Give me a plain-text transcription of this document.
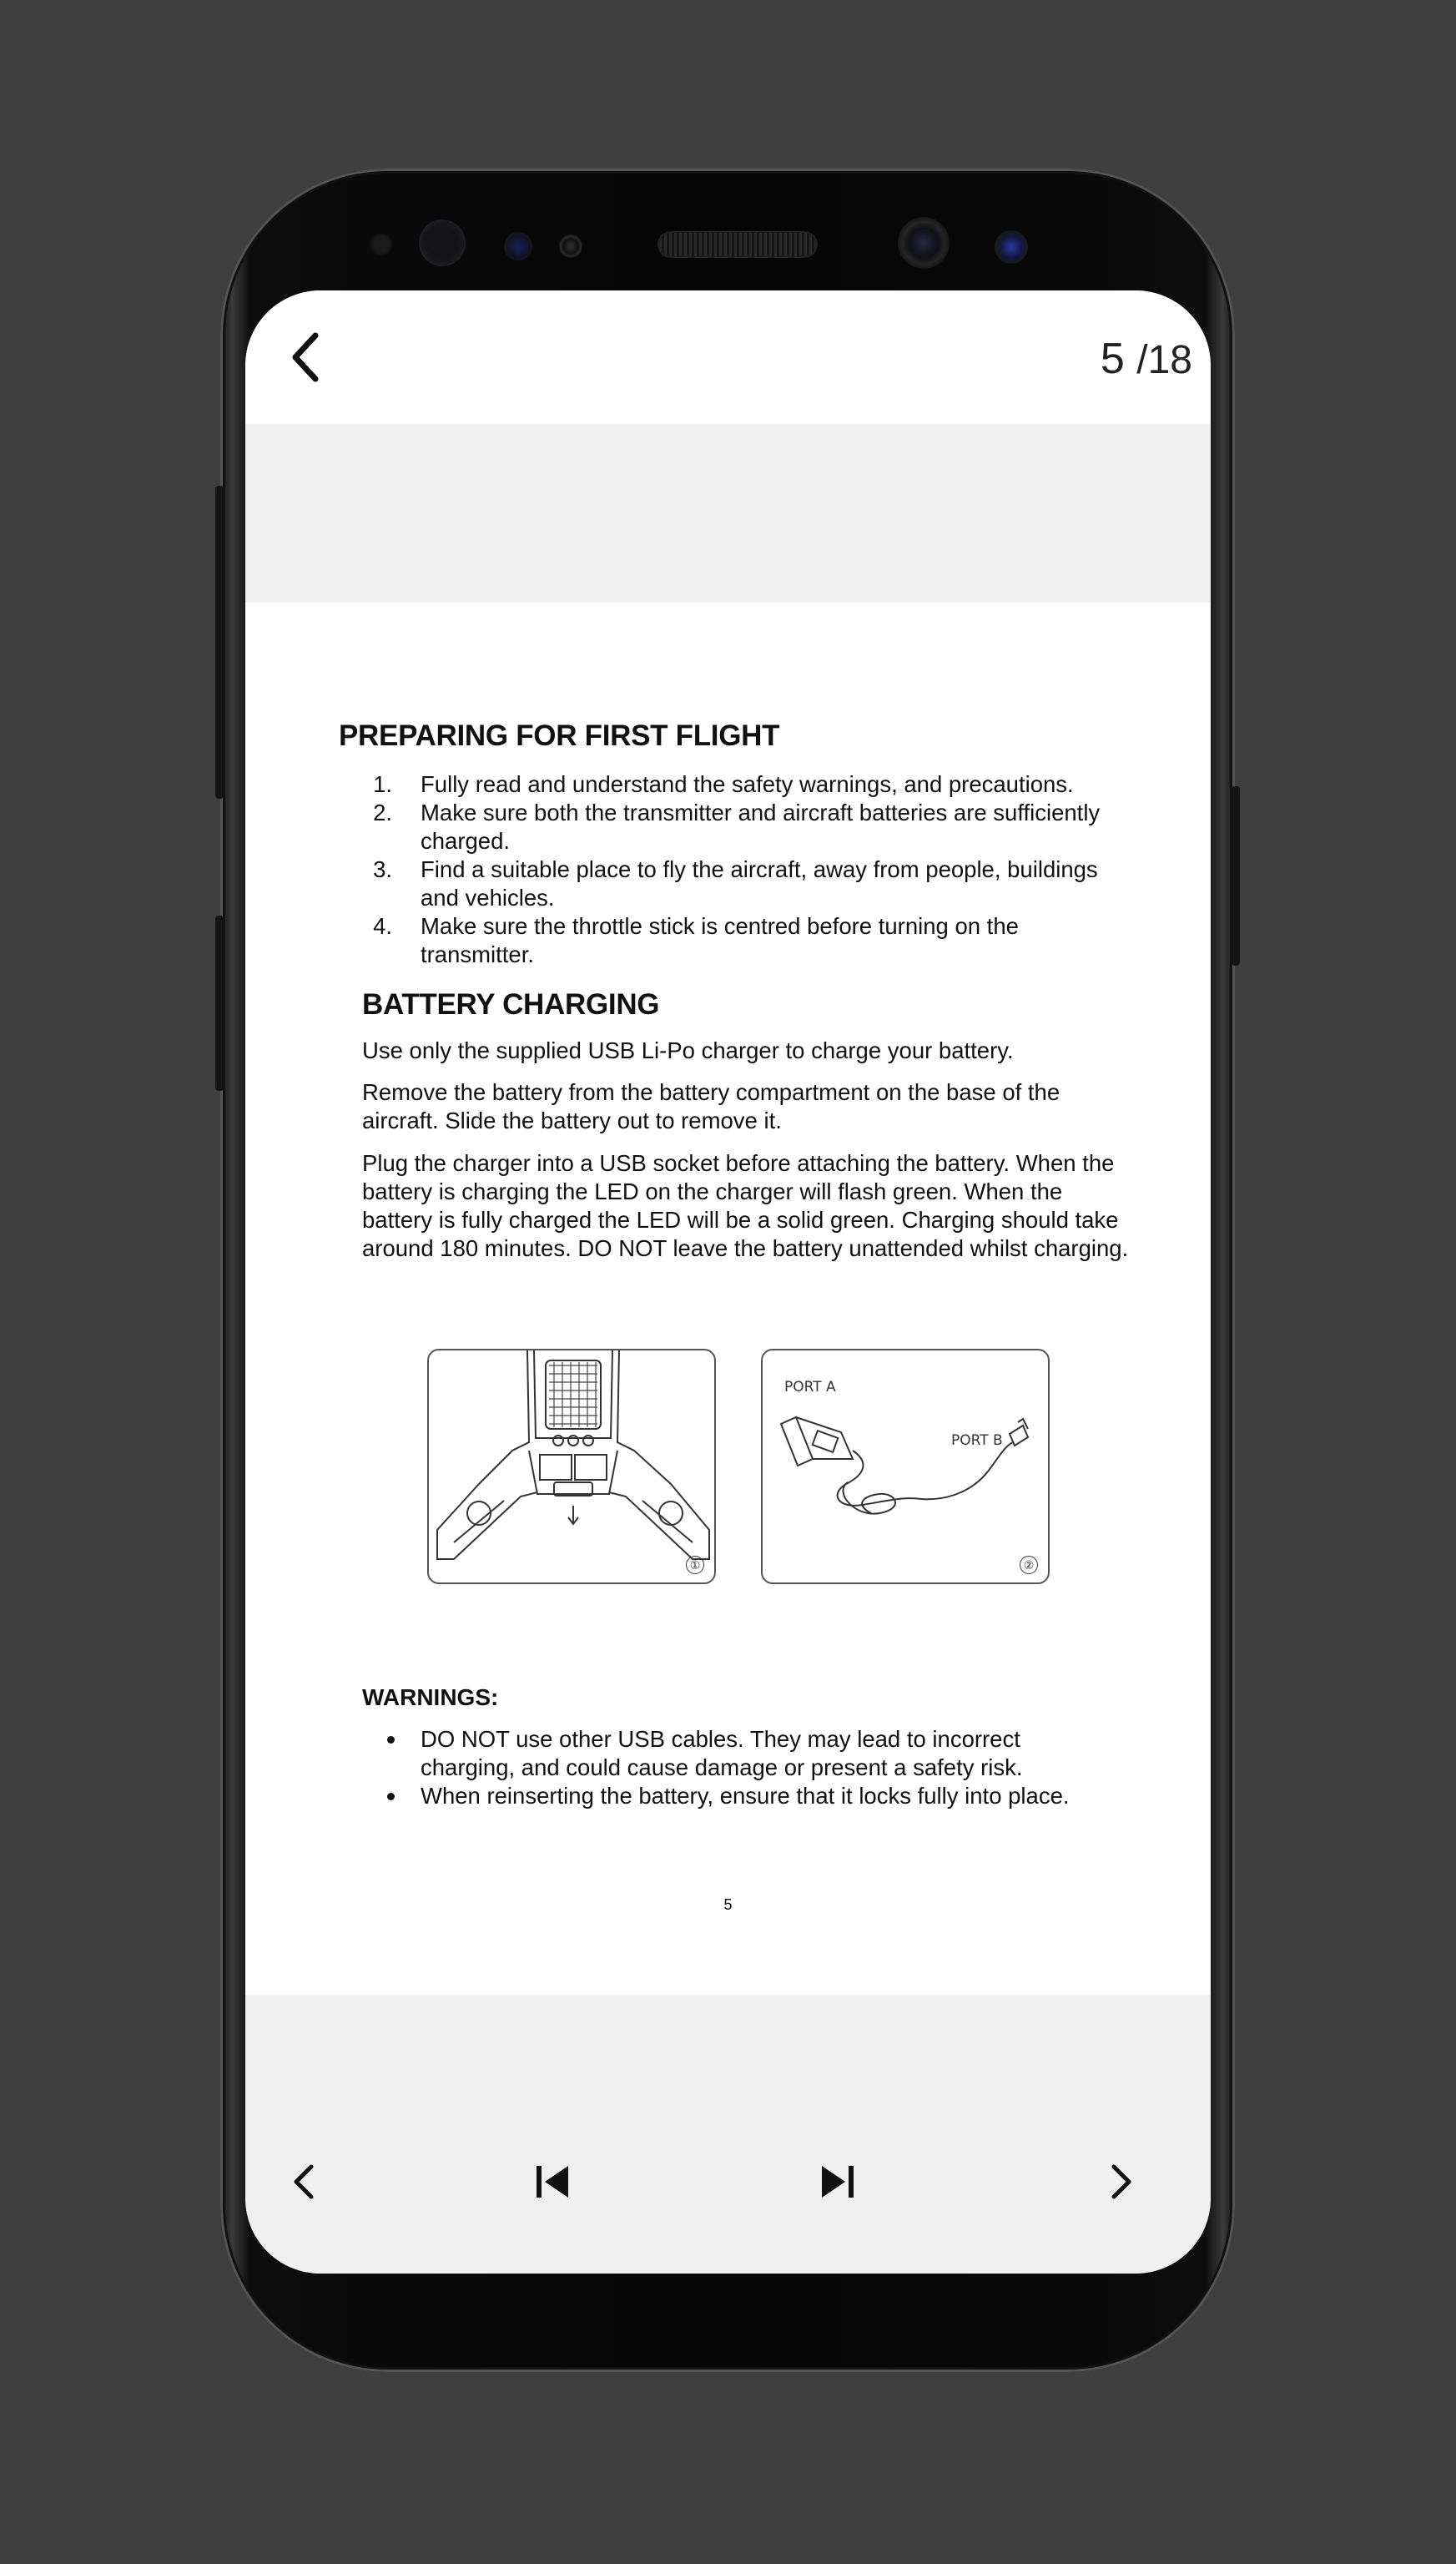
5 /18
PREPARING FOR FIRST FLIGHT
1. Fully read and understand the safety warnings, and precautions.
2. Make sure both the transmitter and aircraft batteries are sufficiently charged.
3. Find a suitable place to fly the aircraft, away from people, buildings and vehicles.
4. Make sure the throttle stick is centred before turning on the transmitter.
BATTERY CHARGING
Use only the supplied USB Li-Po charger to charge your battery.
Remove the battery from the battery compartment on the base of the aircraft. Slide the battery out to remove it.
Plug the charger into a USB socket before attaching the battery. When the battery is charging the LED on the charger will flash green. When the battery is fully charged the LED will be a solid green. Charging should take around 180 minutes. DO NOT leave the battery unattended whilst charging.
①
PORT A
PORT B
②
WARNINGS:
DO NOT use other USB cables. They may lead to incorrect charging, and could cause damage or present a safety risk.
When reinserting the battery, ensure that it locks fully into place.
5
